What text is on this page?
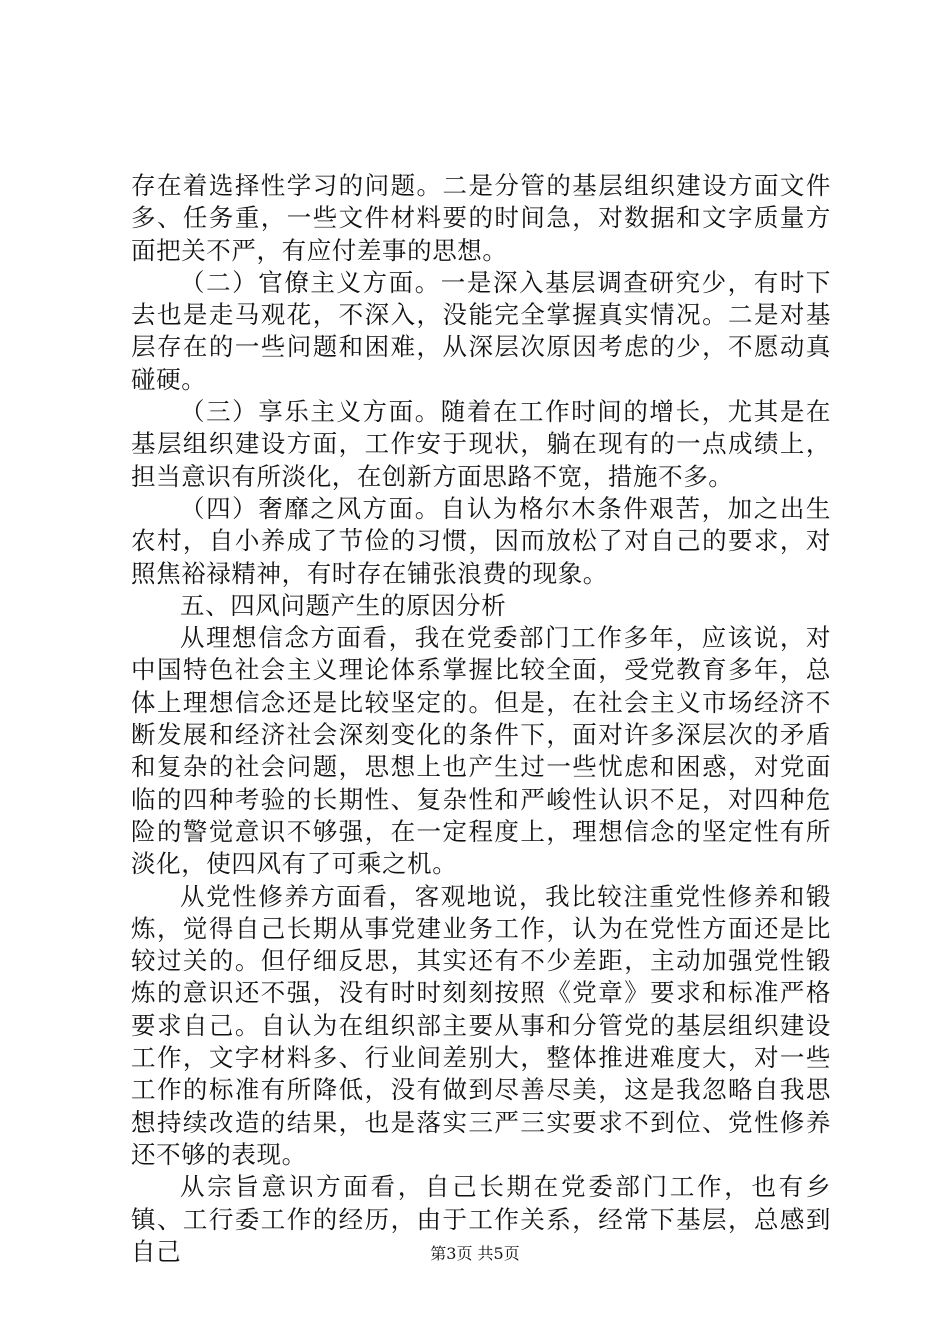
存在着选择性学习的问题。二是分管的基层组织建设方面文件多、任务重，一些文件材料要的时间急，对数据和文字质量方面把关不严，有应付差事的思想。

（二）官僚主义方面。一是深入基层调查研究少，有时下去也是走马观花，不深入，没能完全掌握真实情况。二是对基层存在的一些问题和困难，从深层次原因考虑的少，不愿动真碰硬。

（三）享乐主义方面。随着在工作时间的增长，尤其是在基层组织建设方面，工作安于现状，躺在现有的一点成绩上，担当意识有所淡化，在创新方面思路不宽，措施不多。

（四）奢靡之风方面。自认为格尔木条件艰苦，加之出生农村，自小养成了节俭的习惯，因而放松了对自己的要求，对照焦裕禄精神，有时存在铺张浪费的现象。

五、四风问题产生的原因分析

从理想信念方面看，我在党委部门工作多年，应该说，对中国特色社会主义理论体系掌握比较全面，受党教育多年，总体上理想信念还是比较坚定的。但是，在社会主义市场经济不断发展和经济社会深刻变化的条件下，面对许多深层次的矛盾和复杂的社会问题，思想上也产生过一些忧虑和困惑，对党面临的四种考验的长期性、复杂性和严峻性认识不足，对四种危险的警觉意识不够强，在一定程度上，理想信念的坚定性有所淡化，使四风有了可乘之机。

从党性修养方面看，客观地说，我比较注重党性修养和锻炼，觉得自己长期从事党建业务工作，认为在党性方面还是比较过关的。但仔细反思，其实还有不少差距，主动加强党性锻炼的意识还不强，没有时时刻刻按照《党章》要求和标准严格要求自己。自认为在组织部主要从事和分管党的基层组织建设工作，文字材料多、行业间差别大，整体推进难度大，对一些工作的标准有所降低，没有做到尽善尽美，这是我忽略自我思想持续改造的结果，也是落实三严三实要求不到位、党性修养还不够的表现。

从宗旨意识方面看，自己长期在党委部门工作，也有乡镇、工行委工作的经历，由于工作关系，经常下基层，总感到自己	第3页 共5页
